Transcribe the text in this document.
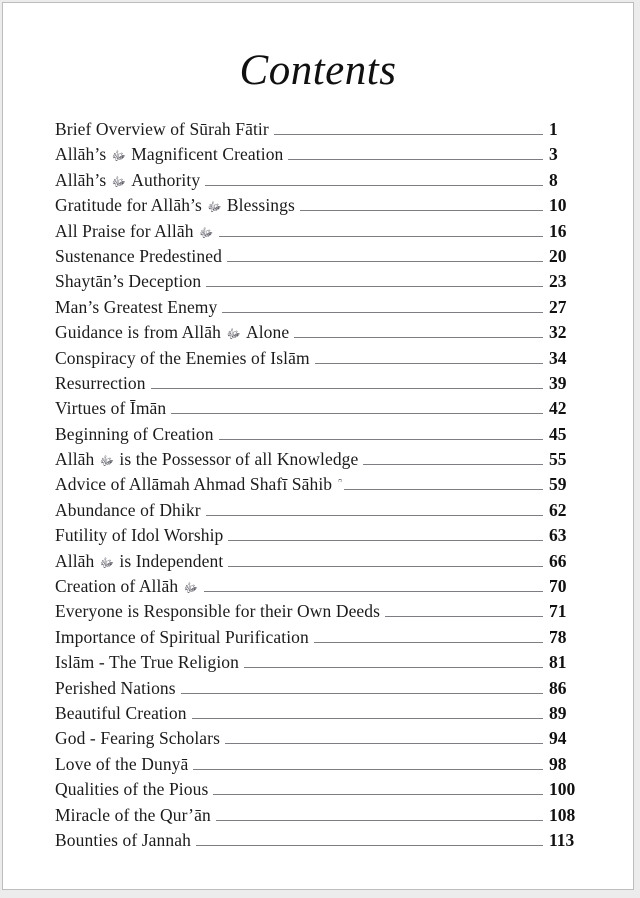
Contents
Brief Overview of Sūrah Fātir	1
Allāh’s ﷻ Magnificent Creation	3
Allāh’s ﷻ Authority	8
Gratitude for Allāh’s ﷻ Blessings	10
All Praise for Allāh ﷻ	16
Sustenance Predestined	20
Shaytān’s Deception	23
Man’s Greatest Enemy	27
Guidance is from Allāh ﷻ Alone	32
Conspiracy of the Enemies of Islām	34
Resurrection	39
Virtues of Īmān	42
Beginning of Creation	45
Allāh ﷻ is the Possessor of all Knowledge	55
Advice of Allāmah Ahmad Shafī Sāhib	59
Abundance of Dhikr	62
Futility of Idol Worship	63
Allāh ﷻ is Independent	66
Creation of Allāh ﷻ	70
Everyone is Responsible for their Own Deeds	71
Importance of Spiritual Purification	78
Islām - The True Religion	81
Perished Nations	86
Beautiful Creation	89
God - Fearing Scholars	94
Love of the Dunyā	98
Qualities of the Pious	100
Miracle of the Qur’ān	108
Bounties of Jannah	113
